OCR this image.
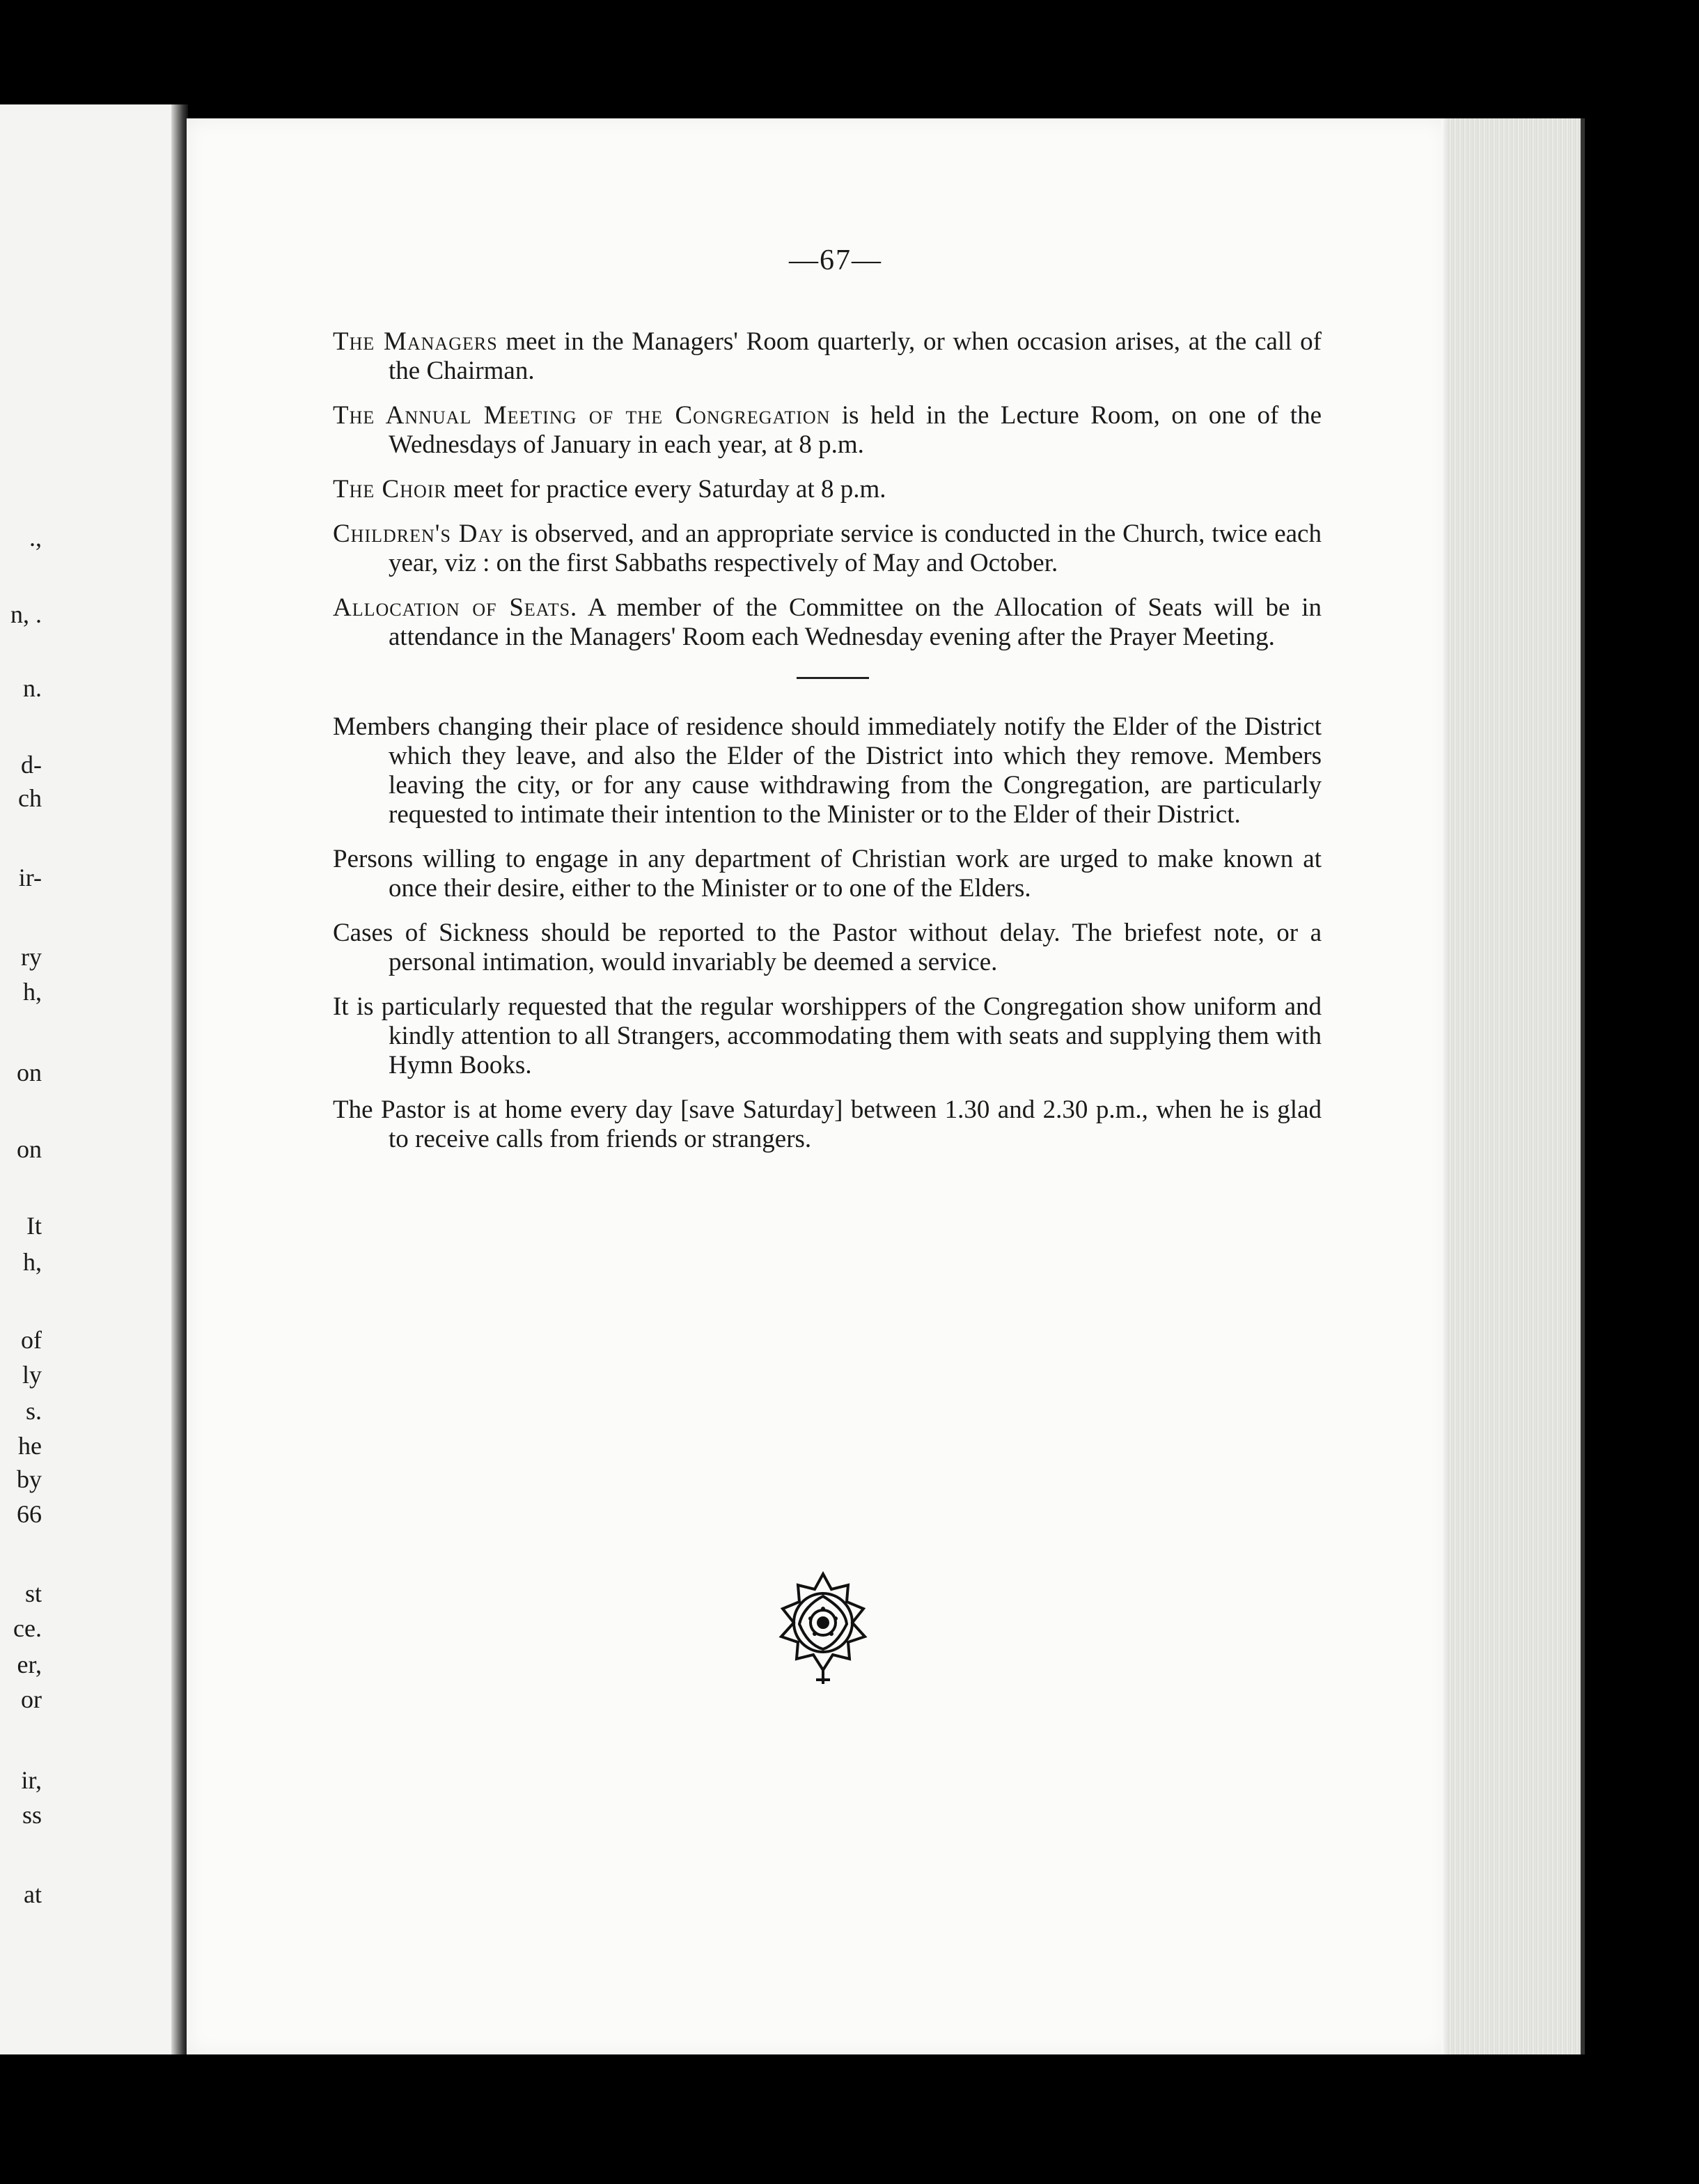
.,
n, .
n.
d-
ch
ir-
ry
h,
on
on
It
h,
of
ly
s.
he
by
66
st
ce.
er,
or
ir,
ss
at
—67—

The Managers meet in the Managers' Room quarterly, or when occasion arises, at the call of the Chairman.

The Annual Meeting of the Congregation is held in the Lecture Room, on one of the Wednesdays of January in each year, at 8 p.m.

The Choir meet for practice every Saturday at 8 p.m.

Children's Day is observed, and an appropriate service is conducted in the Church, twice each year, viz : on the first Sabbaths respectively of May and October.

Allocation of Seats. A member of the Committee on the Allocation of Seats will be in attendance in the Managers' Room each Wednesday evening after the Prayer Meeting.

Members changing their place of residence should immediately notify the Elder of the District which they leave, and also the Elder of the District into which they remove. Members leaving the city, or for any cause withdrawing from the Congregation, are particularly requested to intimate their intention to the Minister or to the Elder of their District.

Persons willing to engage in any department of Christian work are urged to make known at once their desire, either to the Minister or to one of the Elders.

Cases of Sickness should be reported to the Pastor without delay. The briefest note, or a personal intimation, would invariably be deemed a service.

It is particularly requested that the regular worshippers of the Congregation show uniform and kindly attention to all Strangers, accommodating them with seats and supplying them with Hymn Books.

The Pastor is at home every day [save Saturday] between 1.30 and 2.30 p.m., when he is glad to receive calls from friends or strangers.
